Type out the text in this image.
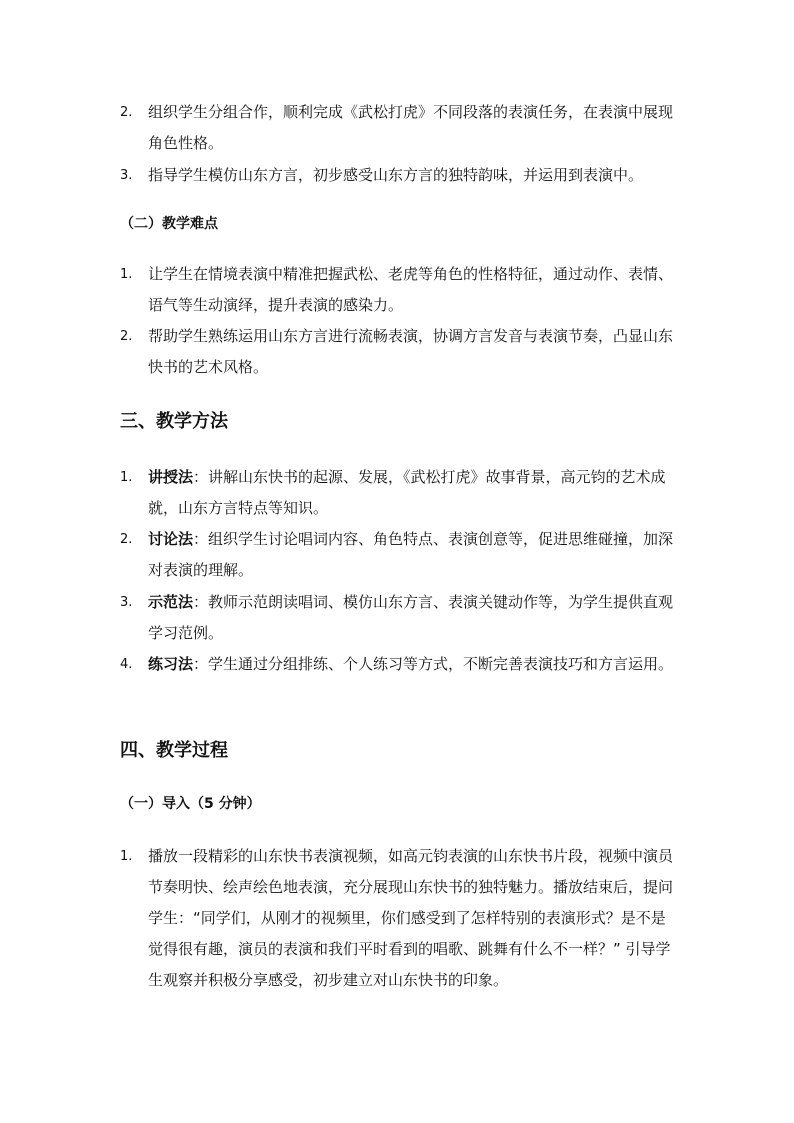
2.	组织学生分组合作，顺利完成《武松打虎》不同段落的表演任务，在表演中展现角色性格。
3.	指导学生模仿山东方言，初步感受山东方言的独特韵味，并运用到表演中。
（二）教学难点
1.	让学生在情境表演中精准把握武松、老虎等角色的性格特征，通过动作、表情、语气等生动演绎，提升表演的感染力。
2.	帮助学生熟练运用山东方言进行流畅表演，协调方言发音与表演节奏，凸显山东快书的艺术风格。
三、教学方法
1.	讲授法：讲解山东快书的起源、发展，《武松打虎》故事背景，高元钧的艺术成就，山东方言特点等知识。
2.	讨论法：组织学生讨论唱词内容、角色特点、表演创意等，促进思维碰撞，加深对表演的理解。
3.	示范法：教师示范朗读唱词、模仿山东方言、表演关键动作等，为学生提供直观学习范例。
4.	练习法：学生通过分组排练、个人练习等方式，不断完善表演技巧和方言运用。
四、教学过程
（一）导入（5 分钟）
1.	播放一段精彩的山东快书表演视频，如高元钧表演的山东快书片段，视频中演员节奏明快、绘声绘色地表演，充分展现山东快书的独特魅力。播放结束后，提问学生：“同学们，从刚才的视频里，你们感受到了怎样特别的表演形式？是不是觉得很有趣，演员的表演和我们平时看到的唱歌、跳舞有什么不一样？” 引导学生观察并积极分享感受，初步建立对山东快书的印象。
